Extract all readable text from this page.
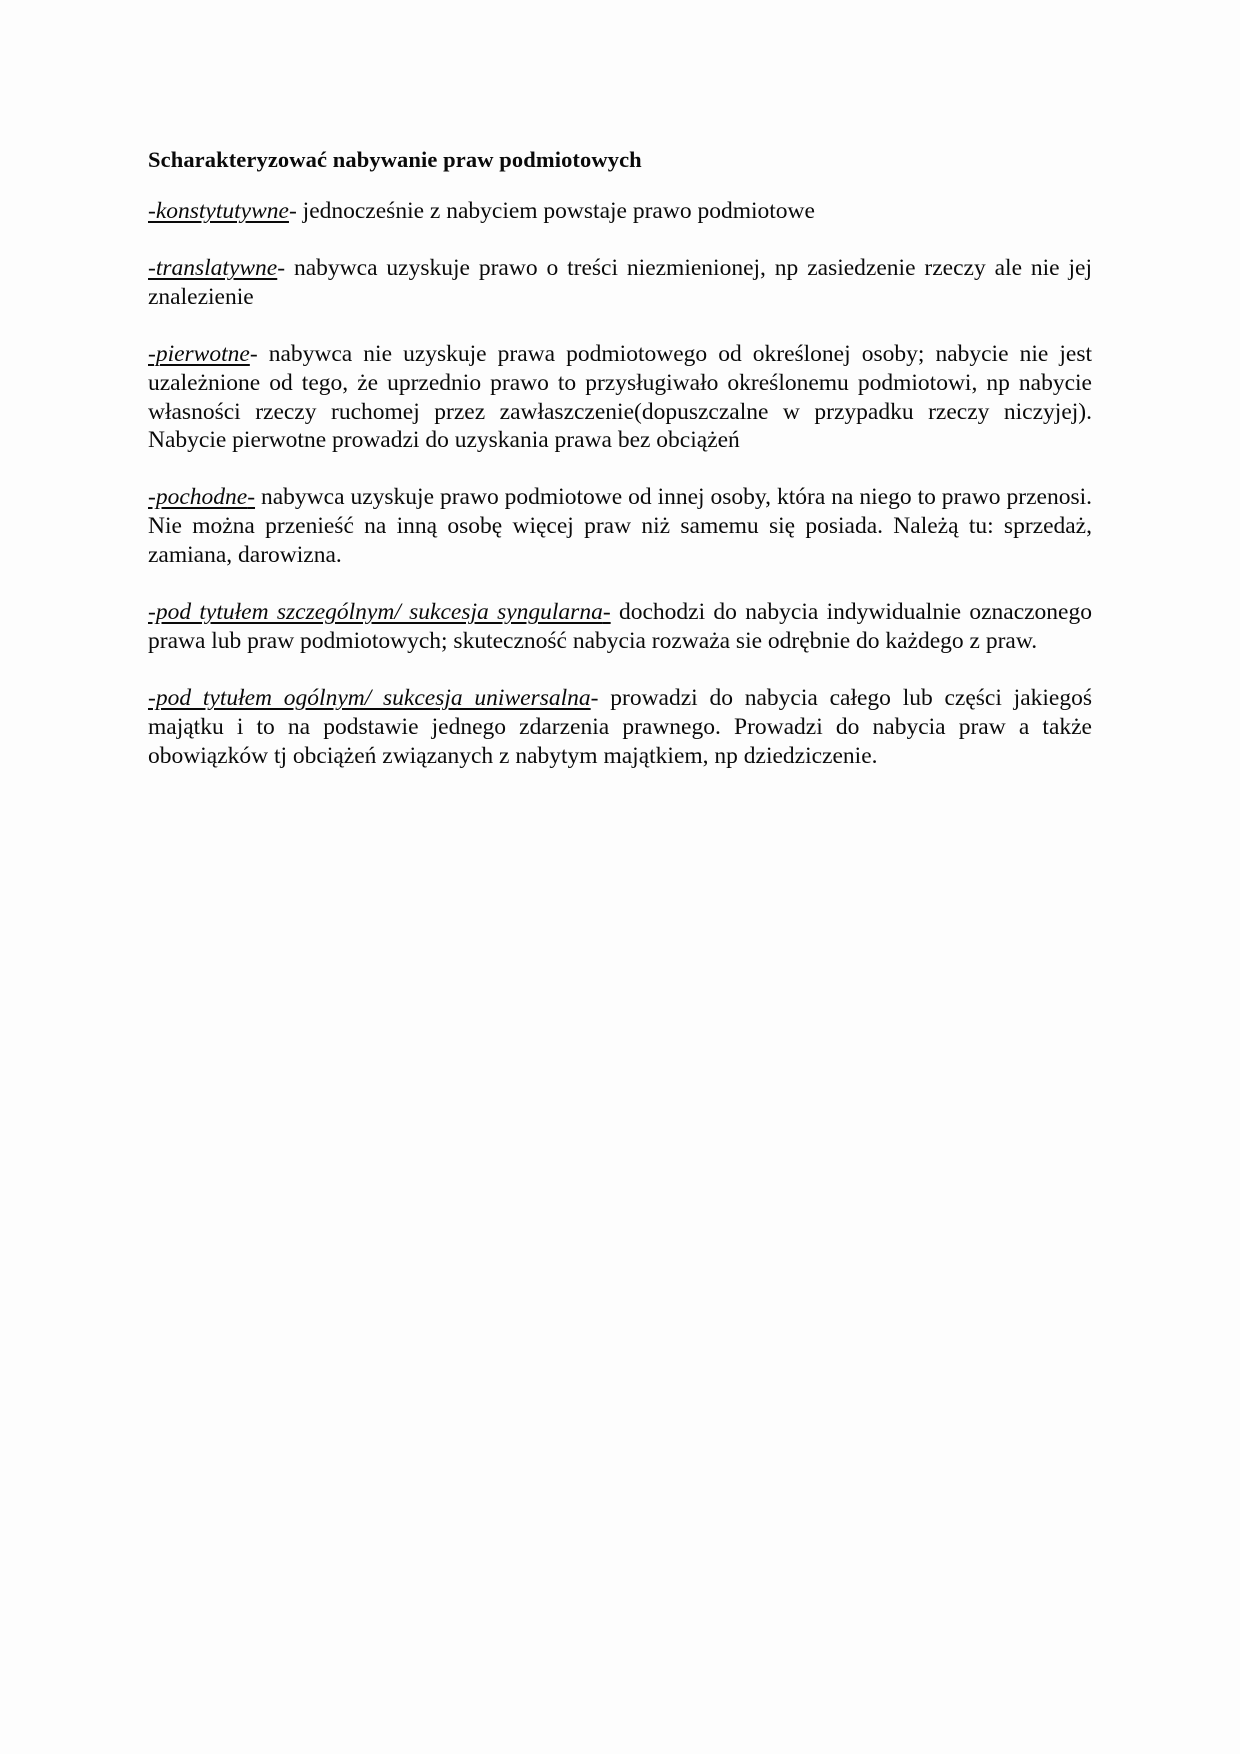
Scharakteryzować nabywanie praw podmiotowych

-konstytutywne- jednocześnie z nabyciem powstaje prawo podmiotowe

-translatywne- nabywca uzyskuje prawo o treści niezmienionej, np zasiedzenie rzeczy ale nie jej znalezienie

-pierwotne- nabywca nie uzyskuje prawa podmiotowego od określonej osoby; nabycie nie jest uzależnione od tego, że uprzednio prawo to przysługiwało określonemu podmiotowi, np nabycie własności rzeczy ruchomej przez zawłaszczenie(dopuszczalne w przypadku rzeczy niczyjej). Nabycie pierwotne prowadzi do uzyskania prawa bez obciążeń

-pochodne- nabywca uzyskuje prawo podmiotowe od innej osoby, która na niego to prawo przenosi. Nie można przenieść na inną osobę więcej praw niż samemu się posiada. Należą tu: sprzedaż, zamiana, darowizna.

-pod tytułem szczególnym/ sukcesja syngularna- dochodzi do nabycia indywidualnie oznaczonego prawa lub praw podmiotowych; skuteczność nabycia rozważa sie odrębnie do każdego z praw.

-pod tytułem ogólnym/ sukcesja uniwersalna- prowadzi do nabycia całego lub części jakiegoś majątku i to na podstawie jednego zdarzenia prawnego. Prowadzi do nabycia praw a także obowiązków tj obciążeń związanych z nabytym majątkiem, np dziedziczenie.
